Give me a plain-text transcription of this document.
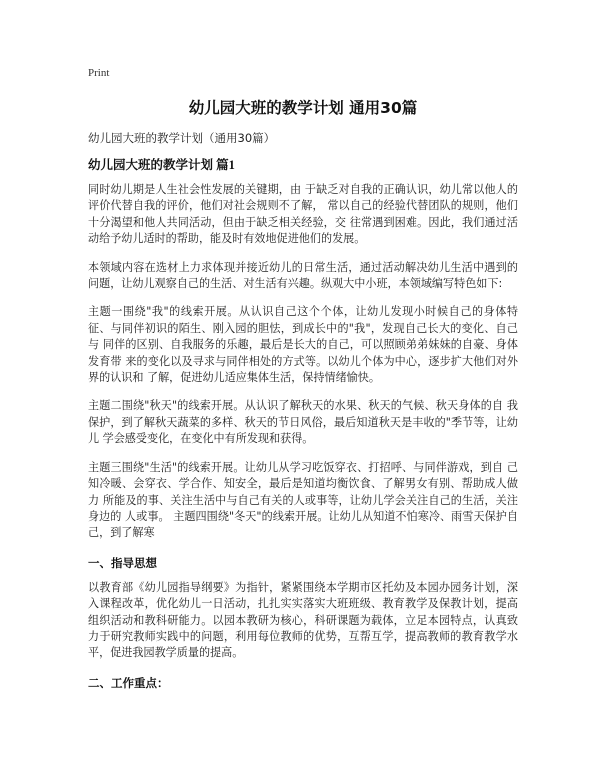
Print
幼儿园大班的教学计划 通用30篇
幼儿园大班的教学计划（通用30篇）
幼儿园大班的教学计划 篇1

同时幼儿期是人生社会性发展的关键期，由 于缺乏对自我的正确认识，幼儿常以他人的评价代替自我的评价，他们对社会规则不了解， 常以自己的经验代替团队的规则，他们十分渴望和他人共同活动，但由于缺乏相关经验，交 往常遇到困难。因此，我们通过活动给予幼儿适时的帮助，能及时有效地促进他们的发展。

本领域内容在选材上力求体现并接近幼儿的日常生活，通过活动解决幼儿生活中遇到的 问题，让幼儿观察自己的生活、对生活有兴趣。纵观大中小班，本领域编写特色如下:

主题一围绕"我"的线索开展。从认识自己这个个体，让幼儿发现小时候自己的身体特 征、与同伴初识的陌生、刚入园的胆怯，到成长中的"我"，发现自己长大的变化、自己与 同伴的区别、自我服务的乐趣，最后是长大的自己，可以照顾弟弟妹妹的自豪、身体发育带 来的变化以及寻求与同伴相处的方式等。以幼儿个体为中心，逐步扩大他们对外界的认识和 了解，促进幼儿适应集体生活，保持情绪愉快。

主题二围绕"秋天"的线索开展。从认识了解秋天的水果、秋天的气候、秋天身体的自 我保护，到了解秋天蔬菜的多样、秋天的节日风俗，最后知道秋天是丰收的"季节等，让幼儿 学会感受变化，在变化中有所发现和获得。

主题三围绕"生活"的线索开展。让幼儿从学习吃饭穿衣、打招呼、与同伴游戏，到自 己知冷暖、会穿衣、学合作、知安全，最后是知道均衡饮食、了解男女有别、帮助成人做力 所能及的事、关注生活中与自己有关的人或事等，让幼儿学会关注自己的生活，关注身边的 人或事。 主题四围绕"冬天"的线索开展。让幼儿从知道不怕寒冷、雨雪天保护自己，到了解寒

一、指导思想

以教育部《幼儿园指导纲要》为指针，紧紧围绕本学期市区托幼及本园办园务计划，深入课程改革，优化幼儿一日活动，扎扎实实落实大班班级、教育教学及保教计划，提高组织活动和教科研能力。以园本教研为核心，科研课题为载体，立足本园特点，认真致力于研究教师实践中的问题，利用每位教师的优势，互帮互学，提高教师的教育教学水平，促进我园教学质量的提高。

二、工作重点：
